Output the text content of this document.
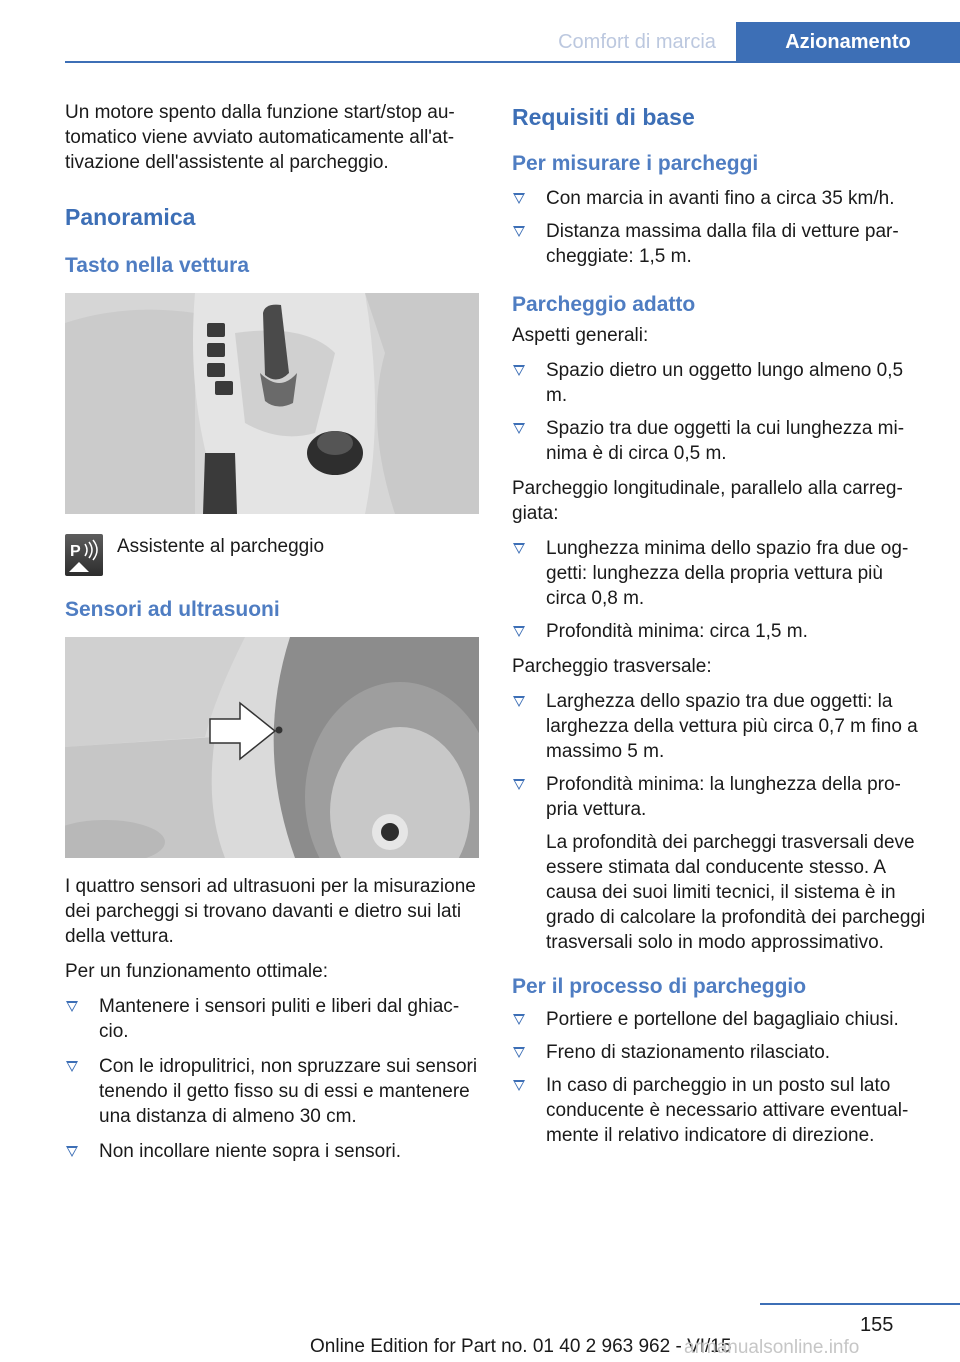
Comfort di marcia	Azionamento

Un motore spento dalla funzione start/stop automatico viene avviato automaticamente all'attivazione dell'assistente al parcheggio.

Panoramica
Tasto nella vettura
P Assistente al parcheggio
Sensori ad ultrasuoni

I quattro sensori ad ultrasuoni per la misurazione dei parcheggi si trovano davanti e dietro sui lati della vettura.

Per un funzionamento ottimale:

Mantenere i sensori puliti e liberi dal ghiaccio.
Con le idropulitrici, non spruzzare sui sensori tenendo il getto fisso su di essi e mantenere una distanza di almeno 30 cm.
Non incollare niente sopra i sensori.
Requisiti di base
Per misurare i parcheggi
Con marcia in avanti fino a circa 35 km/h.
Distanza massima dalla fila di vetture parcheggiate: 1,5 m.
Parcheggio adatto

Aspetti generali:

Spazio dietro un oggetto lungo almeno 0,5 m.
Spazio tra due oggetti la cui lunghezza minima è di circa 0,5 m.

Parcheggio longitudinale, parallelo alla carreggiata:

Lunghezza minima dello spazio fra due oggetti: lunghezza della propria vettura più circa 0,8 m.
Profondità minima: circa 1,5 m.

Parcheggio trasversale:

Larghezza dello spazio tra due oggetti: la larghezza della vettura più circa 0,7 m fino a massimo 5 m.
Profondità minima: la lunghezza della propria vettura.

La profondità dei parcheggi trasversali deve essere stimata dal conducente stesso. A causa dei suoi limiti tecnici, il sistema è in grado di calcolare la profondità dei parcheggi trasversali solo in modo approssimativo.

Per il processo di parcheggio
Portiere e portellone del bagagliaio chiusi.
Freno di stazionamento rilasciato.
In caso di parcheggio in un posto sul lato conducente è necessario attivare eventualmente il relativo indicatore di direzione.
155
Online Edition for Part no. 01 40 2 963 962 - VI/15
armanualsonline.info
